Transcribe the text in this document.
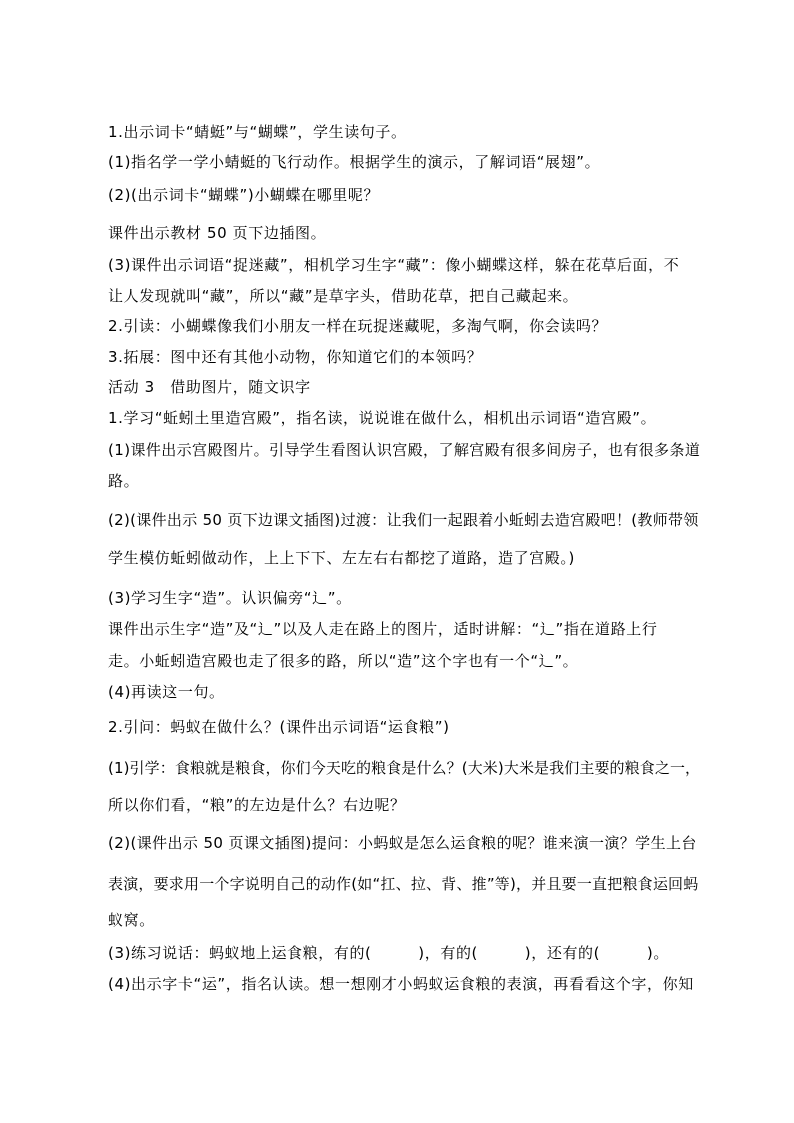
1.出示词卡“蜻蜓”与“蝴蝶”，学生读句子。

(1)指名学一学小蜻蜓的飞行动作。根据学生的演示，了解词语“展翅”。

(2)(出示词卡“蝴蝶”)小蝴蝶在哪里呢？

课件出示教材 50 页下边插图。

(3)课件出示词语“捉迷藏”，相机学习生字“藏”：像小蝴蝶这样，躲在花草后面，不

让人发现就叫“藏”，所以“藏”是草字头，借助花草，把自己藏起来。

2.引读：小蝴蝶像我们小朋友一样在玩捉迷藏呢，多淘气啊，你会读吗？

3.拓展：图中还有其他小动物，你知道它们的本领吗？

活动 3　借助图片，随文识字

1.学习“蚯蚓土里造宫殿”，指名读，说说谁在做什么，相机出示词语“造宫殿”。

(1)课件出示宫殿图片。引导学生看图认识宫殿，了解宫殿有很多间房子，也有很多条道

路。

(2)(课件出示 50 页下边课文插图)过渡：让我们一起跟着小蚯蚓去造宫殿吧！(教师带领

学生模仿蚯蚓做动作，上上下下、左左右右都挖了道路，造了宫殿。)

(3)学习生字“造”。认识偏旁“辶”。

课件出示生字“造”及“辶”以及人走在路上的图片，适时讲解：“辶”指在道路上行

走。小蚯蚓造宫殿也走了很多的路，所以“造”这个字也有一个“辶”。

(4)再读这一句。

2.引问：蚂蚁在做什么？(课件出示词语“运食粮”)

(1)引学：食粮就是粮食，你们今天吃的粮食是什么？(大米)大米是我们主要的粮食之一，

所以你们看，“粮”的左边是什么？右边呢？

(2)(课件出示 50 页课文插图)提问：小蚂蚁是怎么运食粮的呢？谁来演一演？学生上台

表演，要求用一个字说明自己的动作(如“扛、拉、背、推”等)，并且要一直把粮食运回蚂

蚁窝。

(3)练习说话：蚂蚁地上运食粮，有的(　　　)，有的(　　　)，还有的(　　　)。

(4)出示字卡“运”，指名认读。想一想刚才小蚂蚁运食粮的表演，再看看这个字，你知
